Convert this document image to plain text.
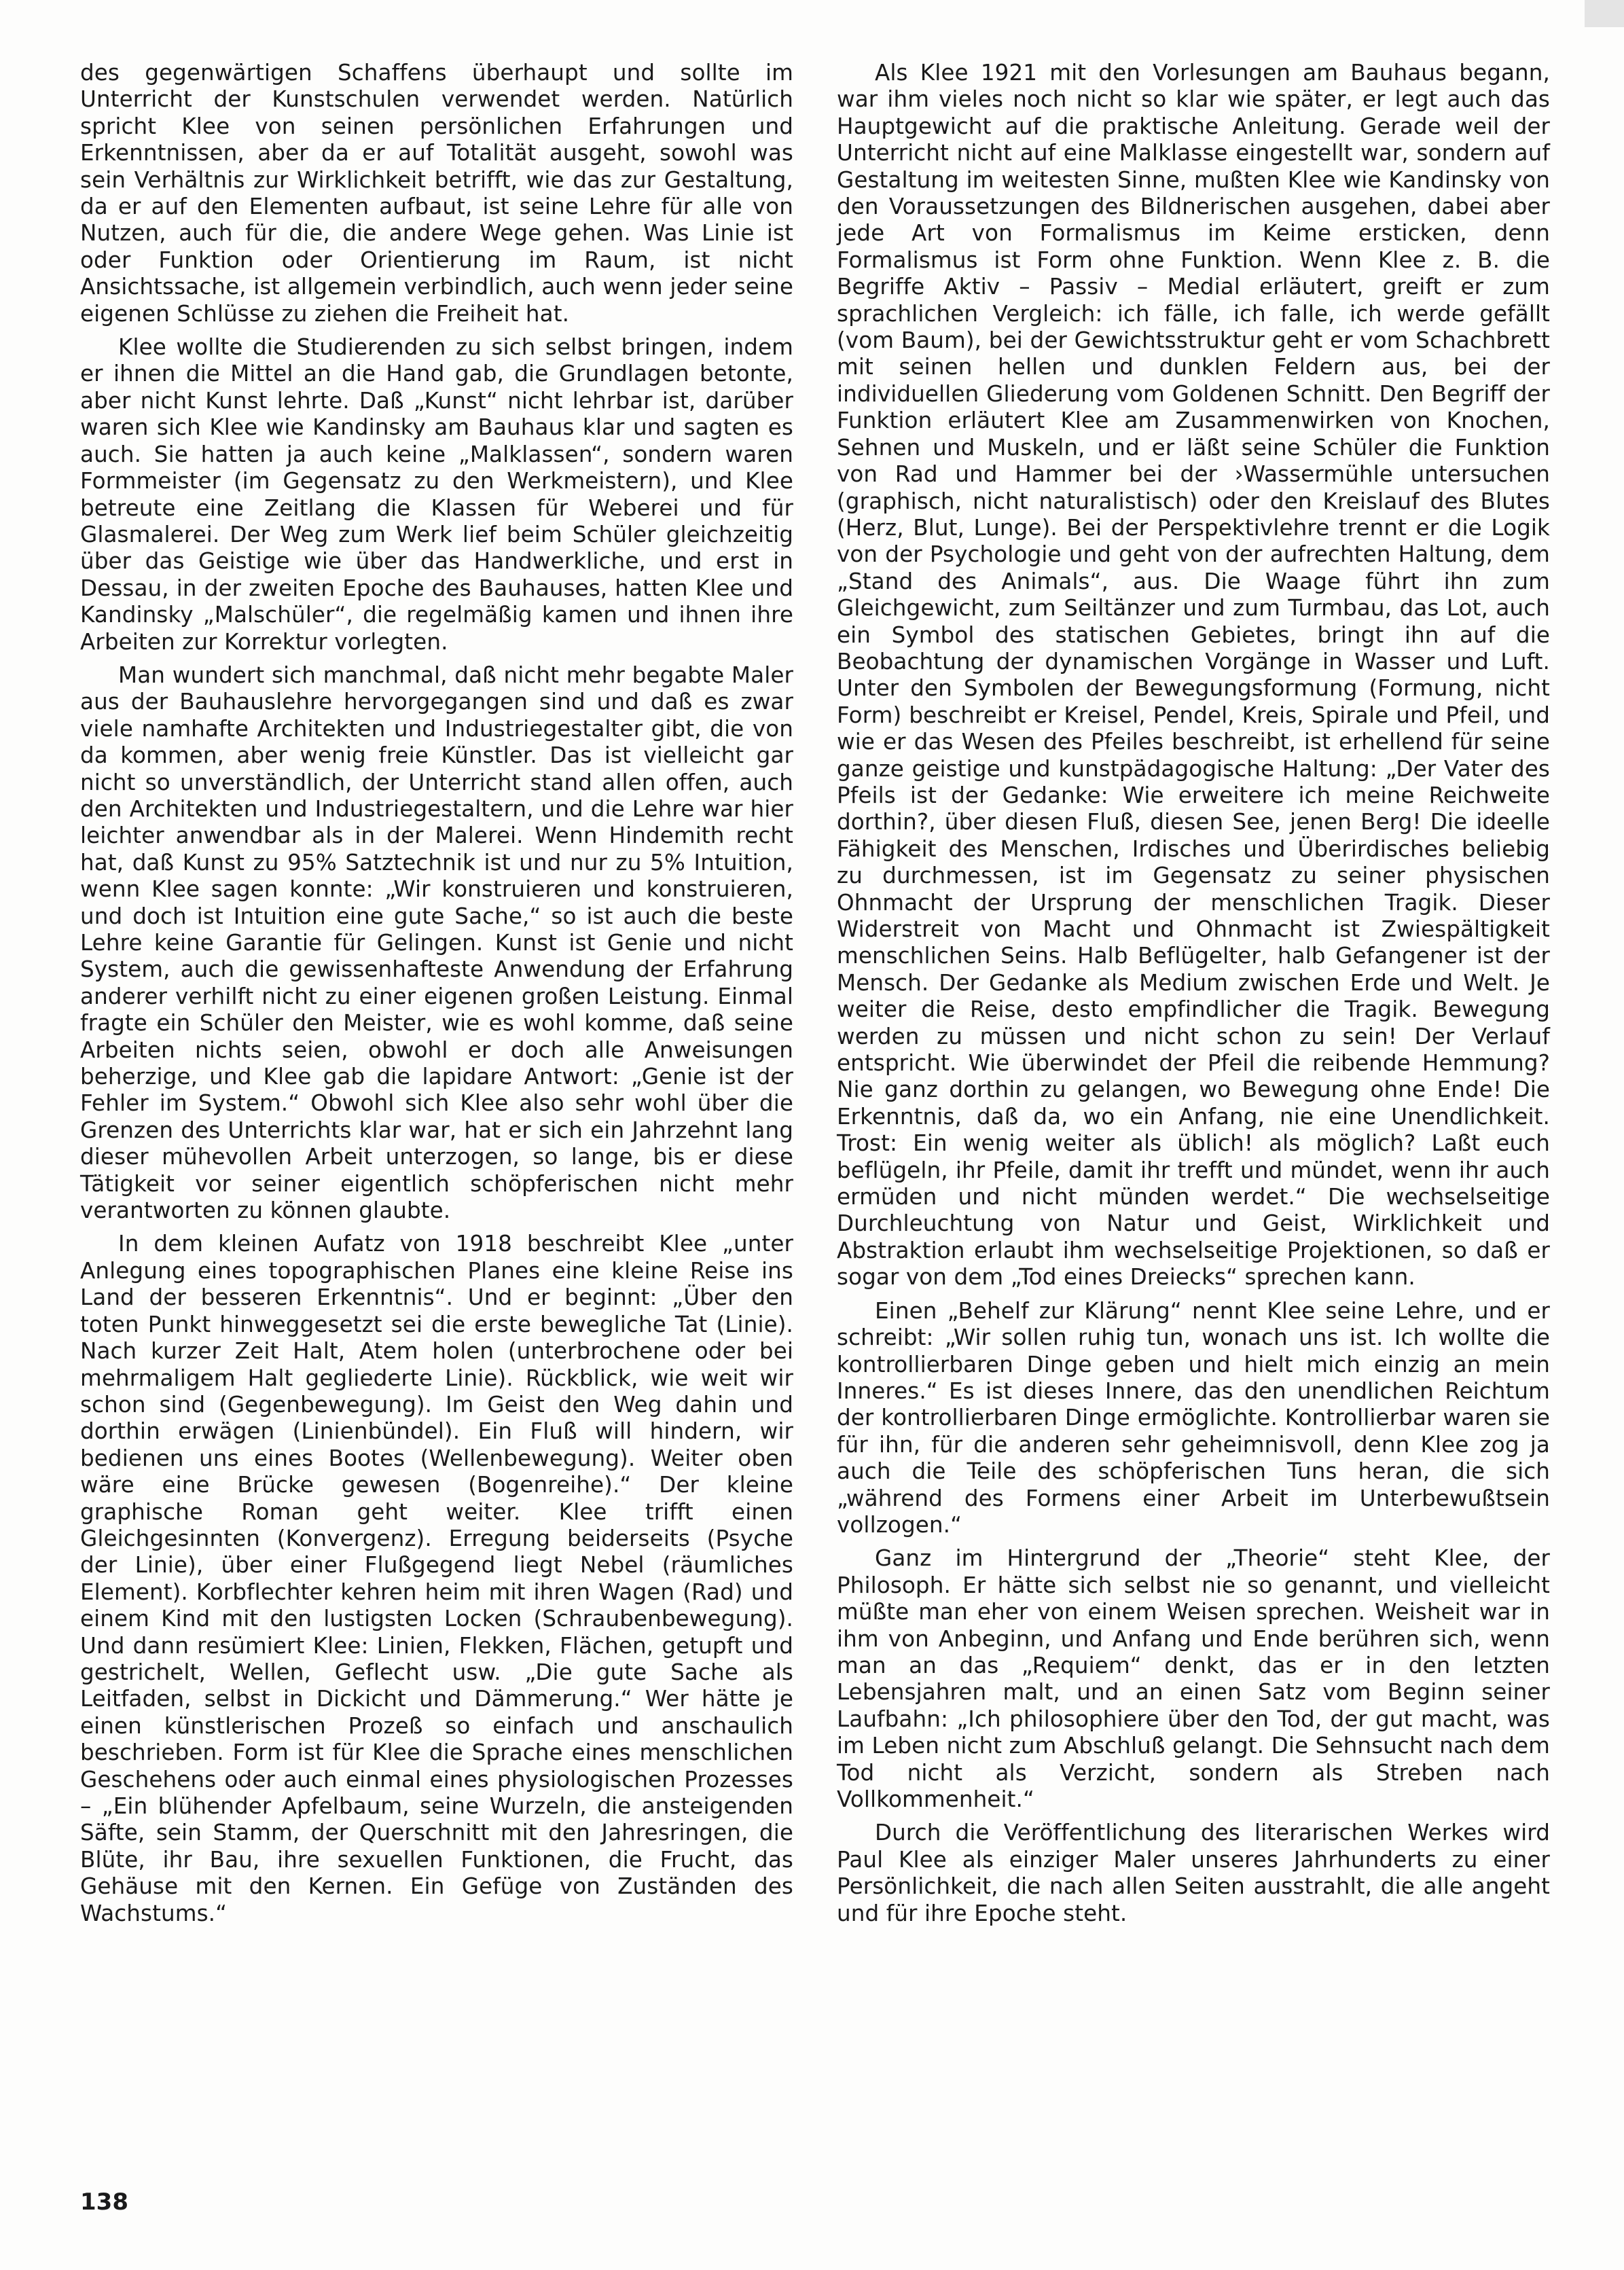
des gegenwärtigen Schaffens überhaupt und sollte im Unterricht der Kunstschulen verwendet werden. Natürlich spricht Klee von seinen persönlichen Erfahrungen und Erkenntnissen, aber da er auf Totalität ausgeht, sowohl was sein Verhältnis zur Wirklichkeit betrifft, wie das zur Gestaltung, da er auf den Elementen aufbaut, ist seine Lehre für alle von Nutzen, auch für die, die andere Wege gehen. Was Linie ist oder Funktion oder Orientierung im Raum, ist nicht Ansichtssache, ist allgemein verbindlich, auch wenn jeder seine eigenen Schlüsse zu ziehen die Freiheit hat.

Klee wollte die Studierenden zu sich selbst bringen, indem er ihnen die Mittel an die Hand gab, die Grundlagen betonte, aber nicht Kunst lehrte. Daß „Kunst“ nicht lehrbar ist, darüber waren sich Klee wie Kandinsky am Bauhaus klar und sagten es auch. Sie hatten ja auch keine „Malklassen“, sondern waren Formmeister (im Gegensatz zu den Werkmeistern), und Klee betreute eine Zeitlang die Klassen für Weberei und für Glasmalerei. Der Weg zum Werk lief beim Schüler gleichzeitig über das Geistige wie über das Handwerkliche, und erst in Dessau, in der zweiten Epoche des Bauhauses, hatten Klee und Kandinsky „Malschüler“, die regelmäßig kamen und ihnen ihre Arbeiten zur Korrektur vorlegten.

Man wundert sich manchmal, daß nicht mehr begabte Maler aus der Bauhauslehre hervorgegangen sind und daß es zwar viele namhafte Architekten und Industriegestalter gibt, die von da kommen, aber wenig freie Künstler. Das ist vielleicht gar nicht so unverständlich, der Unterricht stand allen offen, auch den Architekten und Industriegestaltern, und die Lehre war hier leichter anwendbar als in der Malerei. Wenn Hindemith recht hat, daß Kunst zu 95% Satztechnik ist und nur zu 5% Intuition, wenn Klee sagen konnte: „Wir konstruieren und konstruieren, und doch ist Intuition eine gute Sache,“ so ist auch die beste Lehre keine Garantie für Gelingen. Kunst ist Genie und nicht System, auch die gewissenhafteste Anwendung der Erfahrung anderer verhilft nicht zu einer eigenen großen Leistung. Einmal fragte ein Schüler den Meister, wie es wohl komme, daß seine Arbeiten nichts seien, obwohl er doch alle Anweisungen beherzige, und Klee gab die lapidare Antwort: „Genie ist der Fehler im System.“ Obwohl sich Klee also sehr wohl über die Grenzen des Unterrichts klar war, hat er sich ein Jahrzehnt lang dieser mühevollen Arbeit unterzogen, so lange, bis er diese Tätigkeit vor seiner eigentlich schöpferischen nicht mehr verantworten zu können glaubte.

In dem kleinen Aufatz von 1918 beschreibt Klee „unter Anlegung eines topographischen Planes eine kleine Reise ins Land der besseren Erkenntnis“. Und er beginnt: „Über den toten Punkt hinweggesetzt sei die erste bewegliche Tat (Linie). Nach kurzer Zeit Halt, Atem holen (unterbrochene oder bei mehrmaligem Halt gegliederte Linie). Rückblick, wie weit wir schon sind (Gegenbewegung). Im Geist den Weg dahin und dorthin erwägen (Linienbündel). Ein Fluß will hindern, wir bedienen uns eines Bootes (Wellenbewegung). Weiter oben wäre eine Brücke gewesen (Bogenreihe).“ Der kleine graphische Roman geht weiter. Klee trifft einen Gleichgesinnten (Konvergenz). Erregung beiderseits (Psyche der Linie), über einer Flußgegend liegt Nebel (räumliches Element). Korbflechter kehren heim mit ihren Wagen (Rad) und einem Kind mit den lustigsten Locken (Schraubenbewegung). Und dann resümiert Klee: Linien, Flekken, Flächen, getupft und gestrichelt, Wellen, Geflecht usw. „Die gute Sache als Leitfaden, selbst in Dickicht und Dämmerung.“ Wer hätte je einen künstlerischen Prozeß so einfach und anschaulich beschrieben. Form ist für Klee die Sprache eines menschlichen Geschehens oder auch einmal eines physiologischen Prozesses – „Ein blühender Apfelbaum, seine Wurzeln, die ansteigenden Säfte, sein Stamm, der Querschnitt mit den Jahresringen, die Blüte, ihr Bau, ihre sexuellen Funktionen, die Frucht, das Gehäuse mit den Kernen. Ein Gefüge von Zuständen des Wachstums.“

Als Klee 1921 mit den Vorlesungen am Bauhaus begann, war ihm vieles noch nicht so klar wie später, er legt auch das Hauptgewicht auf die praktische Anleitung. Gerade weil der Unterricht nicht auf eine Malklasse eingestellt war, sondern auf Gestaltung im weitesten Sinne, mußten Klee wie Kandinsky von den Voraussetzungen des Bildnerischen ausgehen, dabei aber jede Art von Formalismus im Keime ersticken, denn Formalismus ist Form ohne Funktion. Wenn Klee z. B. die Begriffe Aktiv – Passiv – Medial erläutert, greift er zum sprachlichen Vergleich: ich fälle, ich falle, ich werde gefällt (vom Baum), bei der Gewichtsstruktur geht er vom Schachbrett mit seinen hellen und dunklen Feldern aus, bei der individuellen Gliederung vom Goldenen Schnitt. Den Begriff der Funktion erläutert Klee am Zusammenwirken von Knochen, Sehnen und Muskeln, und er läßt seine Schüler die Funktion von Rad und Hammer bei der ›Wassermühle untersuchen (graphisch, nicht naturalistisch) oder den Kreislauf des Blutes (Herz, Blut, Lunge). Bei der Perspektivlehre trennt er die Logik von der Psychologie und geht von der aufrechten Haltung, dem „Stand des Animals“, aus. Die Waage führt ihn zum Gleichgewicht, zum Seiltänzer und zum Turmbau, das Lot, auch ein Symbol des statischen Gebietes, bringt ihn auf die Beobachtung der dynamischen Vorgänge in Wasser und Luft. Unter den Symbolen der Bewegungsformung (Formung, nicht Form) beschreibt er Kreisel, Pendel, Kreis, Spirale und Pfeil, und wie er das Wesen des Pfeiles beschreibt, ist erhellend für seine ganze geistige und kunstpädagogische Haltung: „Der Vater des Pfeils ist der Gedanke: Wie erweitere ich meine Reichweite dorthin?, über diesen Fluß, diesen See, jenen Berg! Die ideelle Fähigkeit des Menschen, Irdisches und Überirdisches beliebig zu durchmessen, ist im Gegensatz zu seiner physischen Ohnmacht der Ursprung der menschlichen Tragik. Dieser Widerstreit von Macht und Ohnmacht ist Zwiespältigkeit menschlichen Seins. Halb Beflügelter, halb Gefangener ist der Mensch. Der Gedanke als Medium zwischen Erde und Welt. Je weiter die Reise, desto empfindlicher die Tragik. Bewegung werden zu müssen und nicht schon zu sein! Der Verlauf entspricht. Wie überwindet der Pfeil die reibende Hemmung? Nie ganz dorthin zu gelangen, wo Bewegung ohne Ende! Die Erkenntnis, daß da, wo ein Anfang, nie eine Unendlichkeit. Trost: Ein wenig weiter als üblich! als möglich? Laßt euch beflügeln, ihr Pfeile, damit ihr trefft und mündet, wenn ihr auch ermüden und nicht münden werdet.“ Die wechselseitige Durchleuchtung von Natur und Geist, Wirklichkeit und Abstraktion erlaubt ihm wechselseitige Projektionen, so daß er sogar von dem „Tod eines Dreiecks“ sprechen kann.

Einen „Behelf zur Klärung“ nennt Klee seine Lehre, und er schreibt: „Wir sollen ruhig tun, wonach uns ist. Ich wollte die kontrollierbaren Dinge geben und hielt mich einzig an mein Inneres.“ Es ist dieses Innere, das den unendlichen Reichtum der kontrollierbaren Dinge ermöglichte. Kontrollierbar waren sie für ihn, für die anderen sehr geheimnisvoll, denn Klee zog ja auch die Teile des schöpferischen Tuns heran, die sich „während des Formens einer Arbeit im Unterbewußtsein vollzogen.“

Ganz im Hintergrund der „Theorie“ steht Klee, der Philosoph. Er hätte sich selbst nie so genannt, und vielleicht müßte man eher von einem Weisen sprechen. Weisheit war in ihm von Anbeginn, und Anfang und Ende berühren sich, wenn man an das „Requiem“ denkt, das er in den letzten Lebensjahren malt, und an einen Satz vom Beginn seiner Laufbahn: „Ich philosophiere über den Tod, der gut macht, was im Leben nicht zum Abschluß gelangt. Die Sehnsucht nach dem Tod nicht als Verzicht, sondern als Streben nach Vollkommenheit.“

Durch die Veröffentlichung des literarischen Werkes wird Paul Klee als einziger Maler unseres Jahrhunderts zu einer Persönlichkeit, die nach allen Seiten ausstrahlt, die alle angeht und für ihre Epoche steht.

138
